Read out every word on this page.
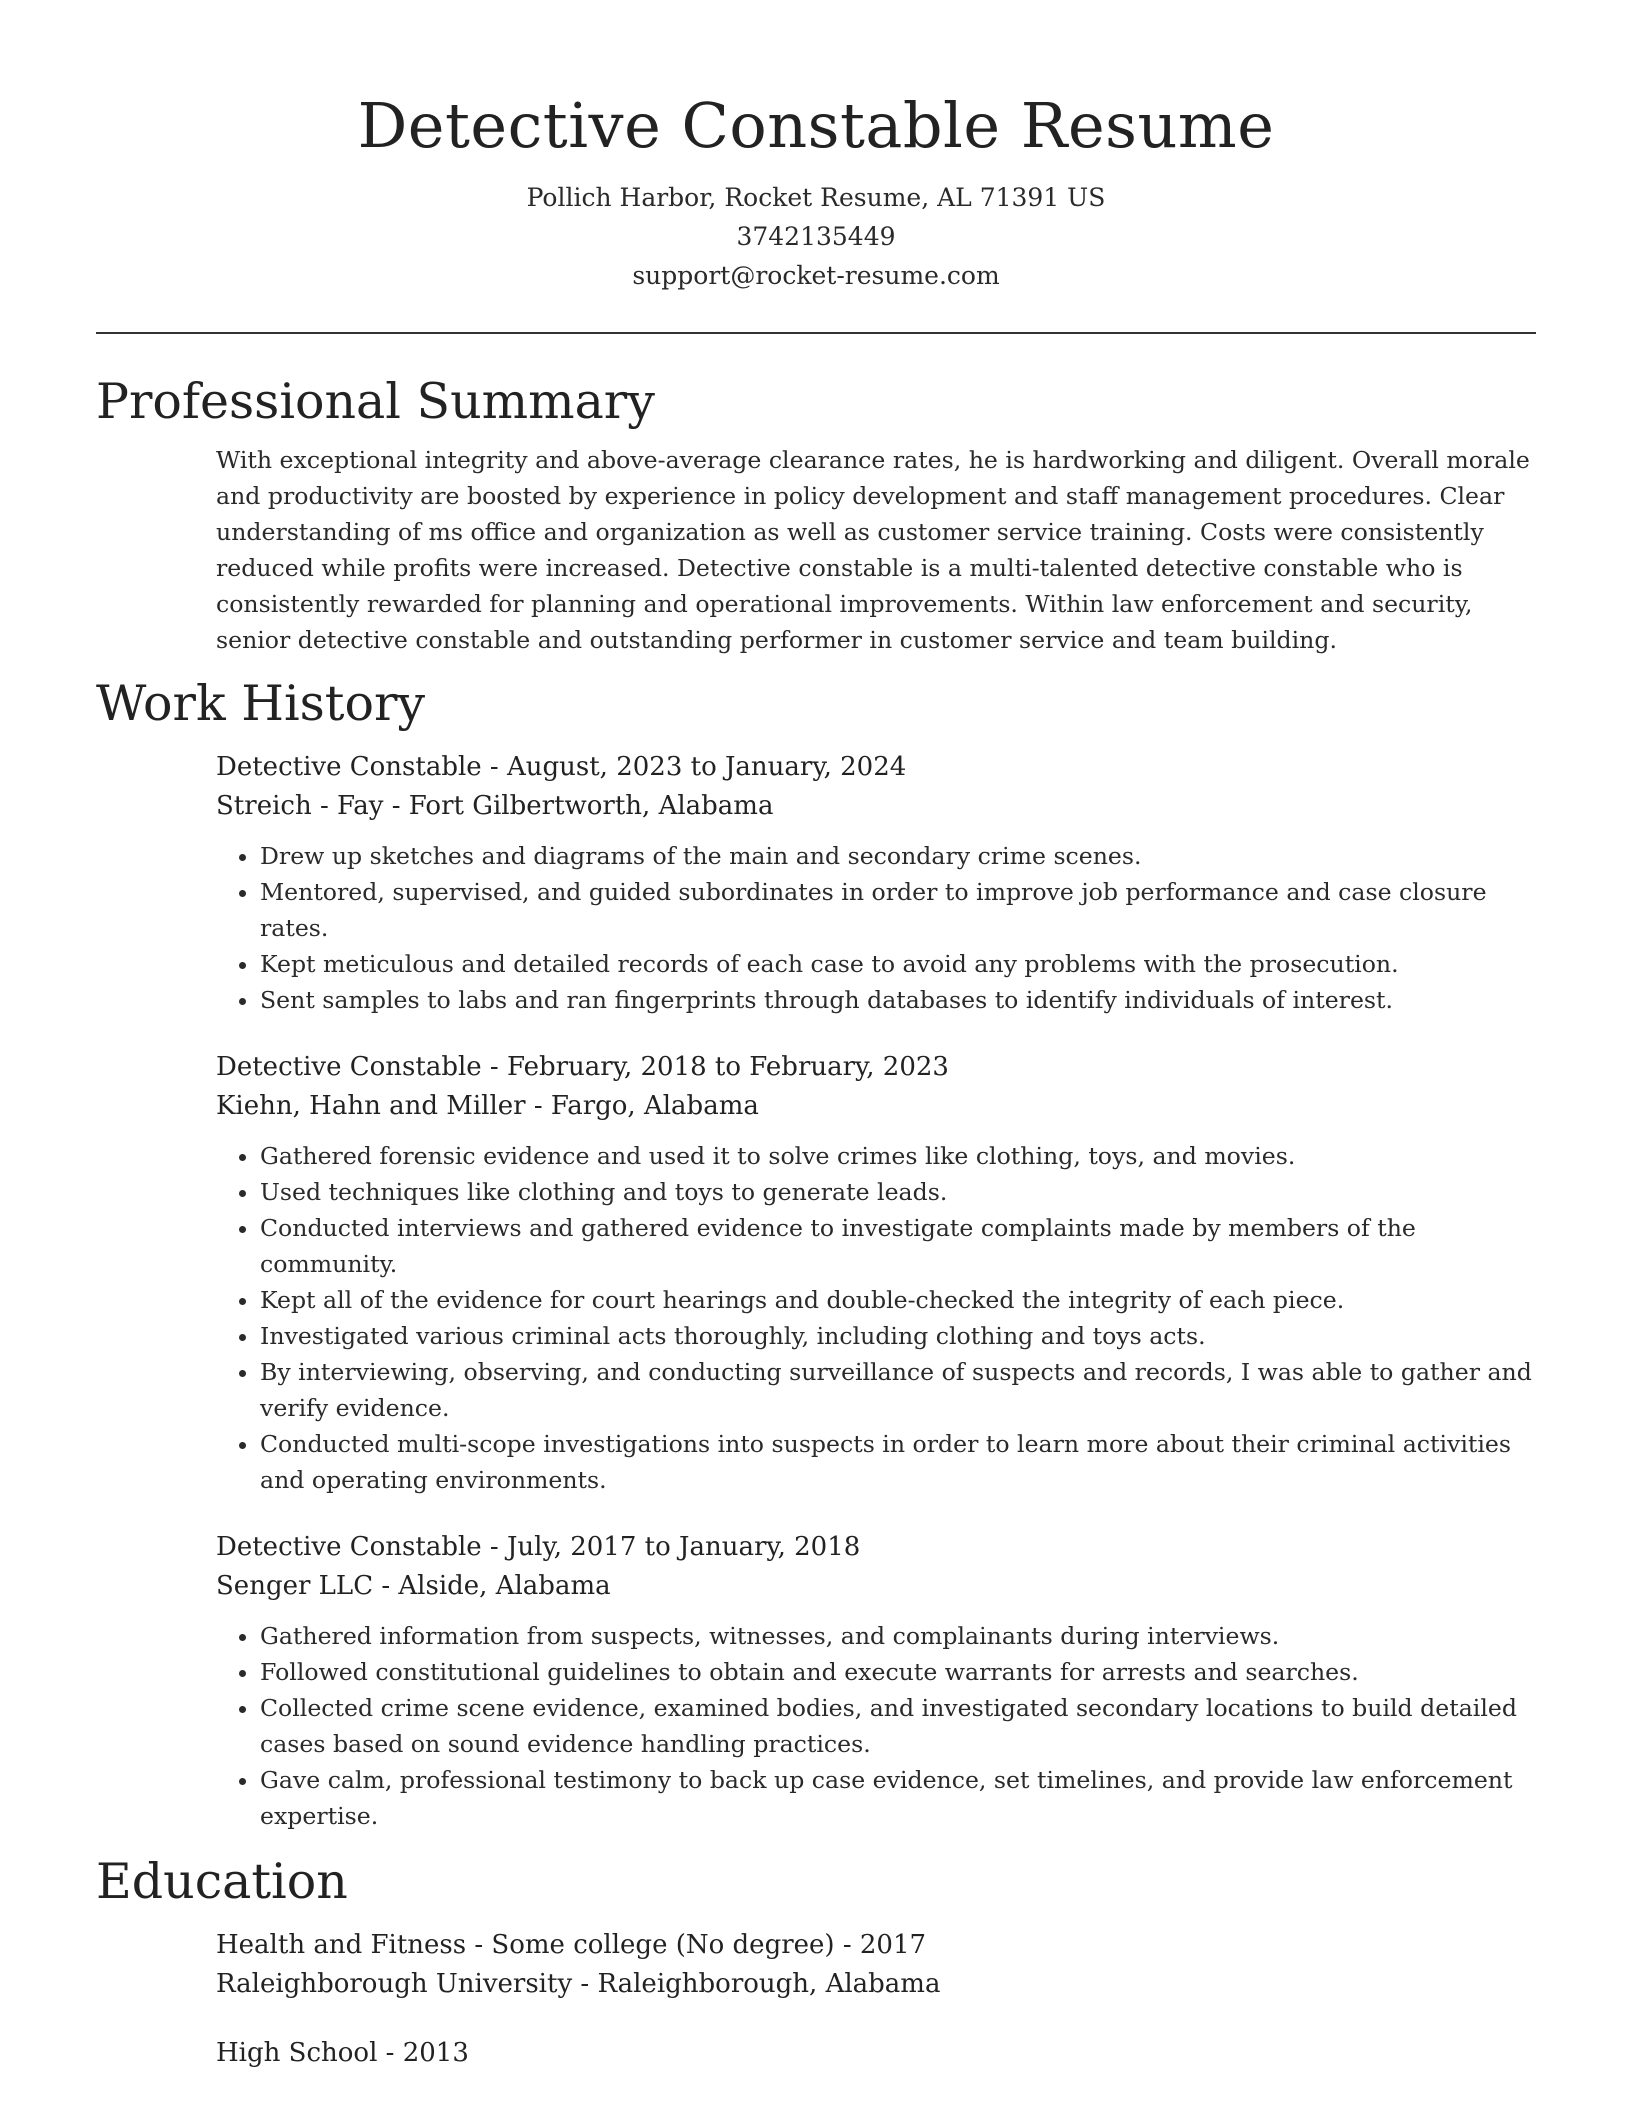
Detective Constable Resume
Pollich Harbor, Rocket Resume, AL 71391 US
3742135449
support@rocket-resume.com
Professional Summary

With exceptional integrity and above-average clearance rates, he is hardworking and diligent. Overall morale and productivity are boosted by experience in policy development and staff management procedures. Clear understanding of ms office and organization as well as customer service training. Costs were consistently reduced while profits were increased. Detective constable is a multi-talented detective constable who is consistently rewarded for planning and operational improvements. Within law enforcement and security, senior detective constable and outstanding performer in customer service and team building.

Work History
Detective Constable - August, 2023 to January, 2024
Streich - Fay - Fort Gilbertworth, Alabama
• Drew up sketches and diagrams of the main and secondary crime scenes.
• Mentored, supervised, and guided subordinates in order to improve job performance and case closure rates.
• Kept meticulous and detailed records of each case to avoid any problems with the prosecution.
• Sent samples to labs and ran fingerprints through databases to identify individuals of interest.
Detective Constable - February, 2018 to February, 2023
Kiehn, Hahn and Miller - Fargo, Alabama
• Gathered forensic evidence and used it to solve crimes like clothing, toys, and movies.
• Used techniques like clothing and toys to generate leads.
• Conducted interviews and gathered evidence to investigate complaints made by members of the community.
• Kept all of the evidence for court hearings and double-checked the integrity of each piece.
• Investigated various criminal acts thoroughly, including clothing and toys acts.
• By interviewing, observing, and conducting surveillance of suspects and records, I was able to gather and verify evidence.
• Conducted multi-scope investigations into suspects in order to learn more about their criminal activities and operating environments.
Detective Constable - July, 2017 to January, 2018
Senger LLC - Alside, Alabama
• Gathered information from suspects, witnesses, and complainants during interviews.
• Followed constitutional guidelines to obtain and execute warrants for arrests and searches.
• Collected crime scene evidence, examined bodies, and investigated secondary locations to build detailed cases based on sound evidence handling practices.
• Gave calm, professional testimony to back up case evidence, set timelines, and provide law enforcement expertise.
Education
Health and Fitness - Some college (No degree) - 2017
Raleighborough University - Raleighborough, Alabama
High School - 2013
